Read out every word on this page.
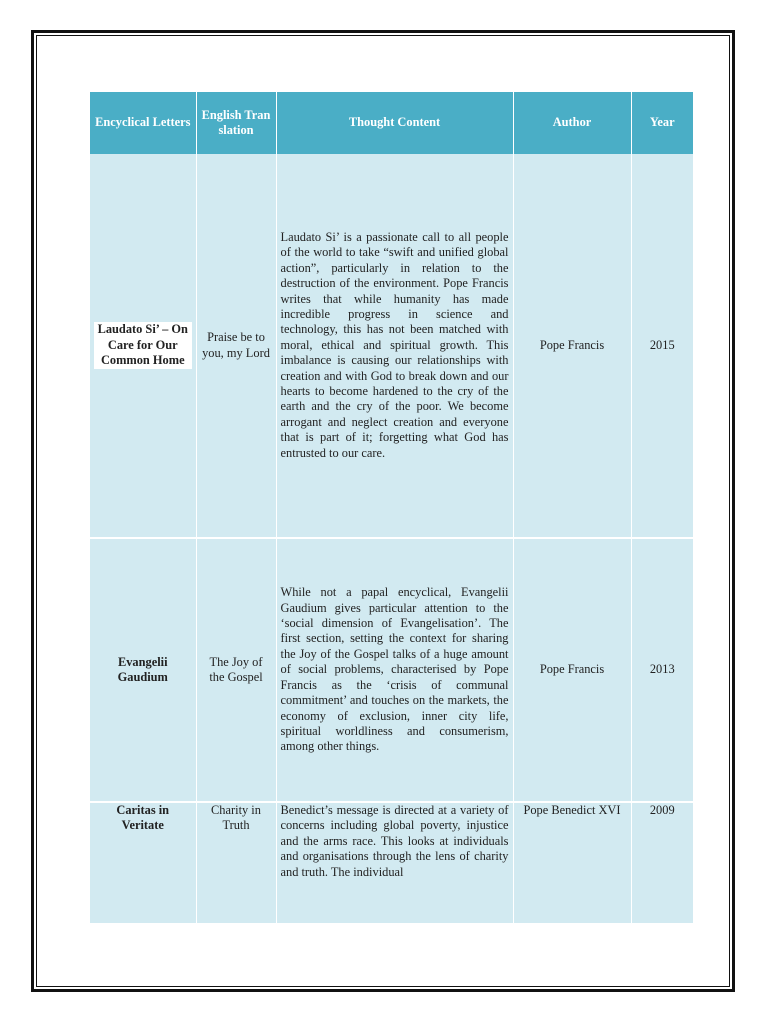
Encyclical Letters	English Translation	Thought Content	Author	Year
Laudato Si’ – On Care for Our Common Home	Praise be to you, my Lord	Laudato Si’ is a passionate call to all people of the world to take “swift and unified global action”, particularly in relation to the destruction of the environment. Pope Francis writes that while humanity has made incredible progress in science and technology, this has not been matched with moral, ethical and spiritual growth. This imbalance is causing our relationships with creation and with God to break down and our hearts to become hardened to the cry of the earth and the cry of the poor. We become arrogant and neglect creation and everyone that is part of it; forgetting what God has entrusted to our care.	Pope Francis	2015
Evangelii Gaudium	The Joy of the Gospel	While not a papal encyclical, Evangelii Gaudium gives particular attention to the ‘social dimension of Evangelisation’. The first section, setting the context for sharing the Joy of the Gospel talks of a huge amount of social problems, characterised by Pope Francis as the ‘crisis of communal commitment’ and touches on the markets, the economy of exclusion, inner city life, spiritual worldliness and consumerism, among other things.	Pope Francis	2013
Caritas in Veritate	Charity in Truth	Benedict’s message is directed at a variety of concerns including global poverty, injustice and the arms race. This looks at individuals and organisations through the lens of charity and truth. The individual	Pope Benedict XVI	2009
